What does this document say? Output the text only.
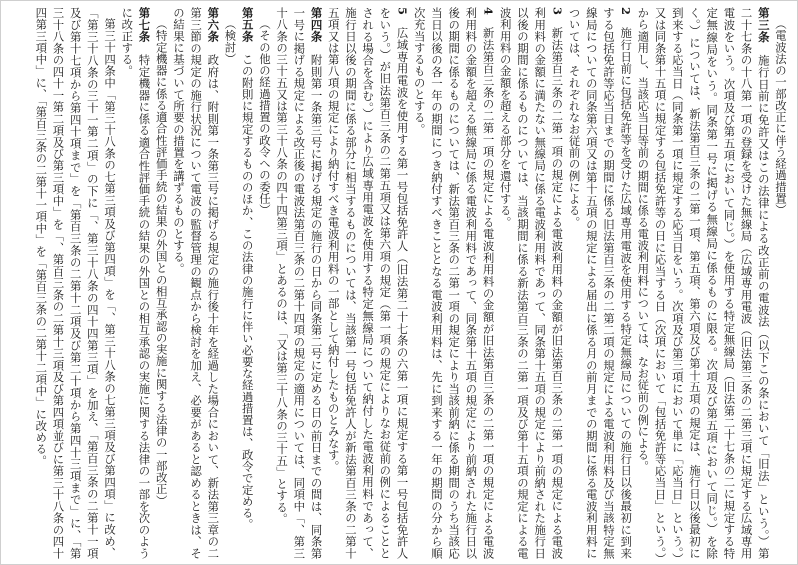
（電波法の一部改正に伴う経過措置）

第三条　施行日前に免許又はこの法律による改正前の電波法（以下この条において「旧法」という。）第二十七条の十八第一項の登録を受けた無線局（広域専用電波（旧法第三条の二第三項に規定する広域専用電波をいう。次項及び第五項において同じ。）を使用する特定無線局（旧法第二十七条の二に規定する特定無線局をいう。同条第一号に掲げる無線局に係るものに限る。次項及び第五項において同じ。）を除く。）については、新法第百三条の二第一項、第五項、第六項及び第十五項の規定は、施行日以後最初に到来する応当日（同条第一項に規定する応当日をいう。次項及び第三項において単に「応当日」という。）又は同条第十五項に規定する包括免許等の日に応当する日（次項において「包括免許等応当日」という。）から適用し、当該応当日等前の期間に係る電波利用料については、なお従前の例による。

2　施行日前に包括免許等を受けた広域専用電波を使用する特定無線局についての施行日以後最初に到来する包括免許等応当日までの期間に係る旧法第百三条の二第二項の規定による電波利用料及び当該特定無線局についての同条第六項又は第十五項の規定による届出に係る月の前月までの期間に係る電波利用料については、それぞれなお従前の例による。

3　新法第百三条の二第一項の規定による電波利用料の金額が旧法第百三条の二第一項の規定による電波利用料の金額に満たない無線局に係る電波利用料であって、同条第十五項の規定により前納された施行日以後の期間に係るものについては、当該期間に係る新法第百三条の二第一項及び第十五項の規定による電波利用料の金額を超える部分を還付する。

4　新法第百三条の二第一項の規定による電波利用料の金額が旧法第百三条の二第一項の規定による電波利用料の金額を超える無線局に係る電波利用料であって、同条第十五項の規定により前納された施行日以後の期間に係るものについては、新法第百三条の二第一項の規定により当該前納に係る期間のうち当該応当日以後の各一年の期間につき納付すべきこととなる電波利用料は、先に到来する一年の期間の分から順次充当するものとする。

5　広域専用電波を使用する第一号包括免許人（旧法第二十七条の六第一項に規定する第一号包括免許人をいう。）が旧法第百三条の二第五項又は第六項の規定（第一項の規定によりなお従前の例によることとされる場合を含む。）により広域専用電波を使用する特定無線局について納付した電波利用料であって、施行日以後の期間に係る部分に相当するものについては、当該第一号包括免許人が新法第百三条の二第十五項又は第八項の規定により納付すべき電波利用料の一部として納付したものとみなす。

第四条　附則第一条第三号に掲げる規定の施行の日から同条第二号に定める日の前日までの間は、同条第一号に掲げる規定による改正後の電波法第百三条の二第十四項の規定の適用については、同項中「、第三十八条の三十五又は第三十八条の四十四第三項」とあるのは、「又は第三十八条の三十五」とする。

（その他の経過措置の政令への委任）

第五条　この附則に規定するもののほか、この法律の施行に伴い必要な経過措置は、政令で定める。

（検討）

第六条　政府は、附則第一条第三号に掲げる規定の施行後十年を経過した場合において、新法第三章の二第三節の規定の施行状況について電波の監督管理の観点から検討を加え、必要があると認めるときは、その結果に基づいて所要の措置を講ずるものとする。

（特定機器に係る適合性評価手続の結果の外国との相互承認の実施に関する法律の一部改正）

第七条　特定機器に係る適合性評価手続の結果の外国との相互承認の実施に関する法律の一部を次のように改正する。

第三十四条中「第三十八条の七第三項及び第四項」を「、第三十八条の七第三項及び第四項」に改め、「第三十八条の三十一第二項」の下に「、第三十八条の四十四第三項」を加え、「第百三条の二第十一項及び第十七項から第四十項まで」を「第百三条の二第十二項及び第二十項から第四十三項まで」に、「第三十八条の四十一第二項及び第三項中」を「、第百三条の二第十三項及び第四項並びに第三十八条の四十四第三項中」に、「第百三条の二第十一項中」を「第百三条の二第十二項中」に改める。
